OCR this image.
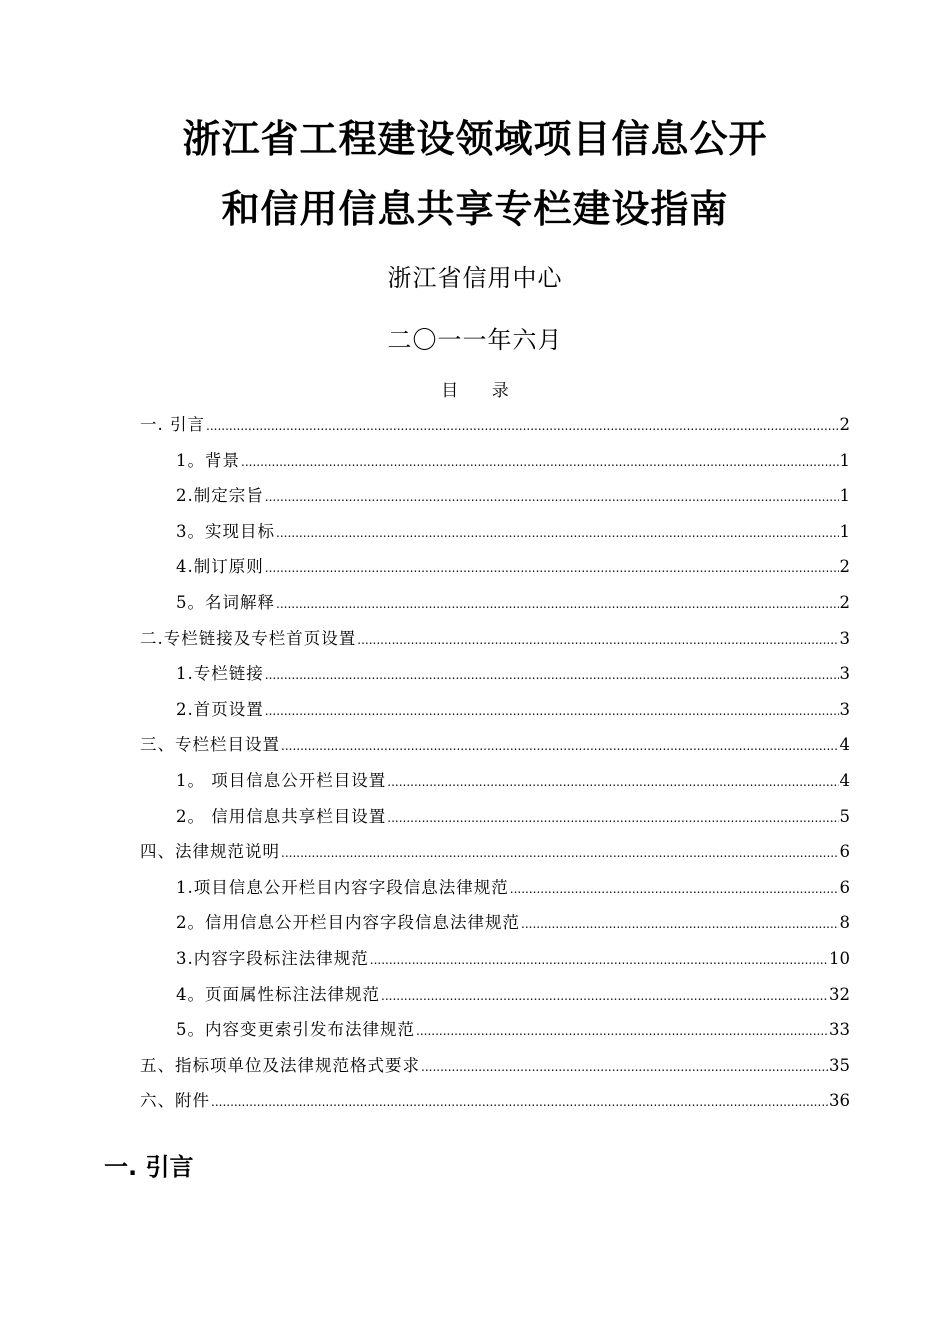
浙江省工程建设领域项目信息公开
和信用信息共享专栏建设指南
浙江省信用中心
二〇一一年六月
目 录
一. 引言 .....	2
1。背景 .....	1
2.制定宗旨 .....	1
3。实现目标 .....	1
4.制订原则 .....	2
5。名词解释 .....	2
二.专栏链接及专栏首页设置 .....	3
1.专栏链接 .....	3
2.首页设置 .....	3
三、专栏栏目设置 .....	4
1。 项目信息公开栏目设置 .....	4
2。 信用信息共享栏目设置 .....	5
四、法律规范说明 .....	6
1.项目信息公开栏目内容字段信息法律规范 .....	6
2。信用信息公开栏目内容字段信息法律规范 .....	8
3.内容字段标注法律规范 .....	10
4。页面属性标注法律规范 .....	32
5。内容变更索引发布法律规范 .....	33
五、指标项单位及法律规范格式要求 .....	35
六、附件 .....	36
一. 引言
